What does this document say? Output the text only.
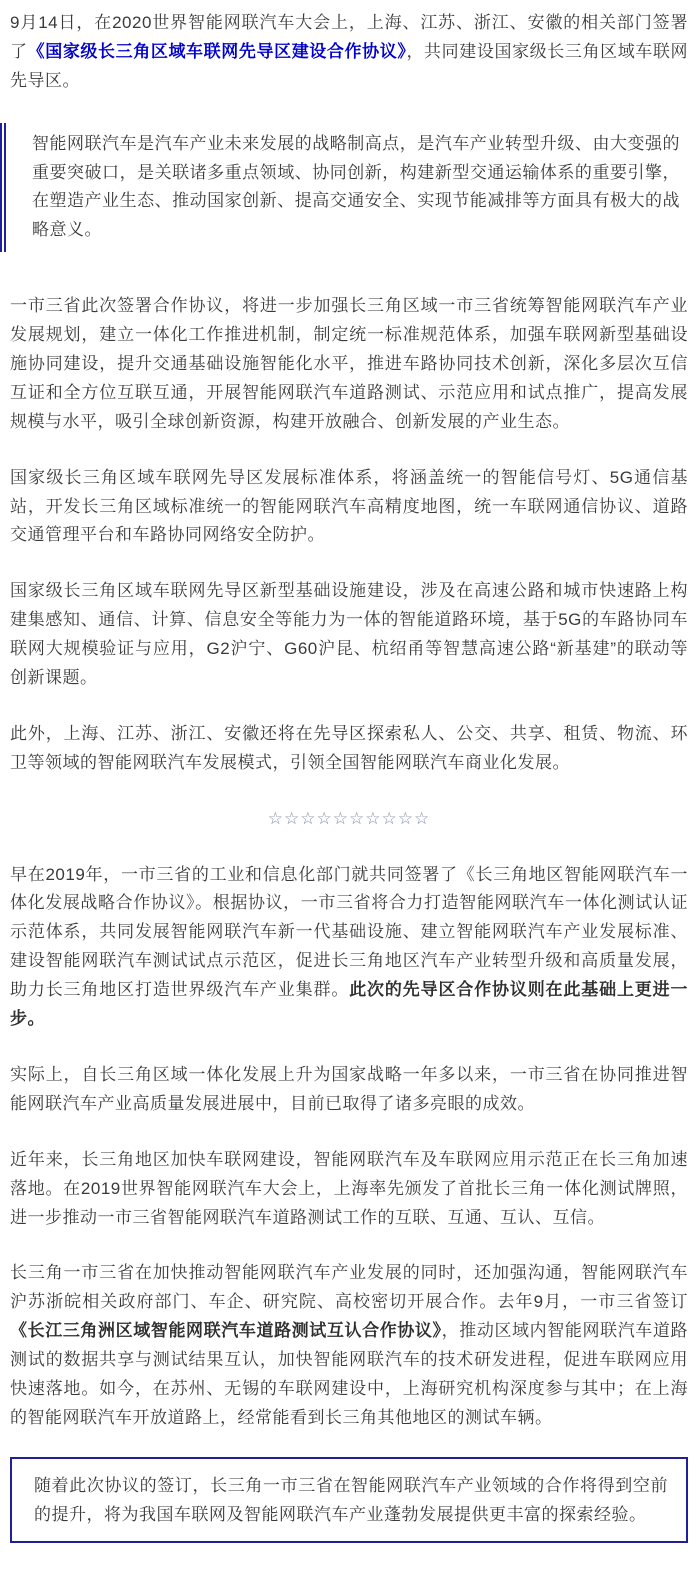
9月14日，在2020世界智能网联汽车大会上，上海、江苏、浙江、安徽的相关部门签署了《国家级长三角区域车联网先导区建设合作协议》，共同建设国家级长三角区域车联网先导区。

智能网联汽车是汽车产业未来发展的战略制高点，是汽车产业转型升级、由大变强的重要突破口，是关联诸多重点领域、协同创新，构建新型交通运输体系的重要引擎，在塑造产业生态、推动国家创新、提高交通安全、实现节能减排等方面具有极大的战略意义。

一市三省此次签署合作协议，将进一步加强长三角区域一市三省统筹智能网联汽车产业发展规划，建立一体化工作推进机制，制定统一标准规范体系，加强车联网新型基础设施协同建设，提升交通基础设施智能化水平，推进车路协同技术创新，深化多层次互信互证和全方位互联互通，开展智能网联汽车道路测试、示范应用和试点推广，提高发展规模与水平，吸引全球创新资源，构建开放融合、创新发展的产业生态。

国家级长三角区域车联网先导区发展标准体系，将涵盖统一的智能信号灯、5G通信基站，开发长三角区域标准统一的智能网联汽车高精度地图，统一车联网通信协议、道路交通管理平台和车路协同网络安全防护。

国家级长三角区域车联网先导区新型基础设施建设，涉及在高速公路和城市快速路上构建集感知、通信、计算、信息安全等能力为一体的智能道路环境，基于5G的车路协同车联网大规模验证与应用，G2沪宁、G60沪昆、杭绍甬等智慧高速公路“新基建”的联动等创新课题。

此外，上海、江苏、浙江、安徽还将在先导区探索私人、公交、共享、租赁、物流、环卫等领域的智能网联汽车发展模式，引领全国智能网联汽车商业化发展。

☆☆☆☆☆☆☆☆☆☆

早在2019年，一市三省的工业和信息化部门就共同签署了《长三角地区智能网联汽车一体化发展战略合作协议》。根据协议，一市三省将合力打造智能网联汽车一体化测试认证示范体系，共同发展智能网联汽车新一代基础设施、建立智能网联汽车产业发展标准、建设智能网联汽车测试试点示范区，促进长三角地区汽车产业转型升级和高质量发展，助力长三角地区打造世界级汽车产业集群。此次的先导区合作协议则在此基础上更进一步。

实际上，自长三角区域一体化发展上升为国家战略一年多以来，一市三省在协同推进智能网联汽车产业高质量发展进展中，目前已取得了诸多亮眼的成效。

近年来，长三角地区加快车联网建设，智能网联汽车及车联网应用示范正在长三角加速落地。在2019世界智能网联汽车大会上，上海率先颁发了首批长三角一体化测试牌照，进一步推动一市三省智能网联汽车道路测试工作的互联、互通、互认、互信。

长三角一市三省在加快推动智能网联汽车产业发展的同时，还加强沟通，智能网联汽车沪苏浙皖相关政府部门、车企、研究院、高校密切开展合作。去年9月，一市三省签订《长江三角洲区域智能网联汽车道路测试互认合作协议》，推动区域内智能网联汽车道路测试的数据共享与测试结果互认，加快智能网联汽车的技术研发进程，促进车联网应用快速落地。如今，在苏州、无锡的车联网建设中，上海研究机构深度参与其中；在上海的智能网联汽车开放道路上，经常能看到长三角其他地区的测试车辆。

随着此次协议的签订，长三角一市三省在智能网联汽车产业领域的合作将得到空前的提升，将为我国车联网及智能网联汽车产业蓬勃发展提供更丰富的探索经验。
